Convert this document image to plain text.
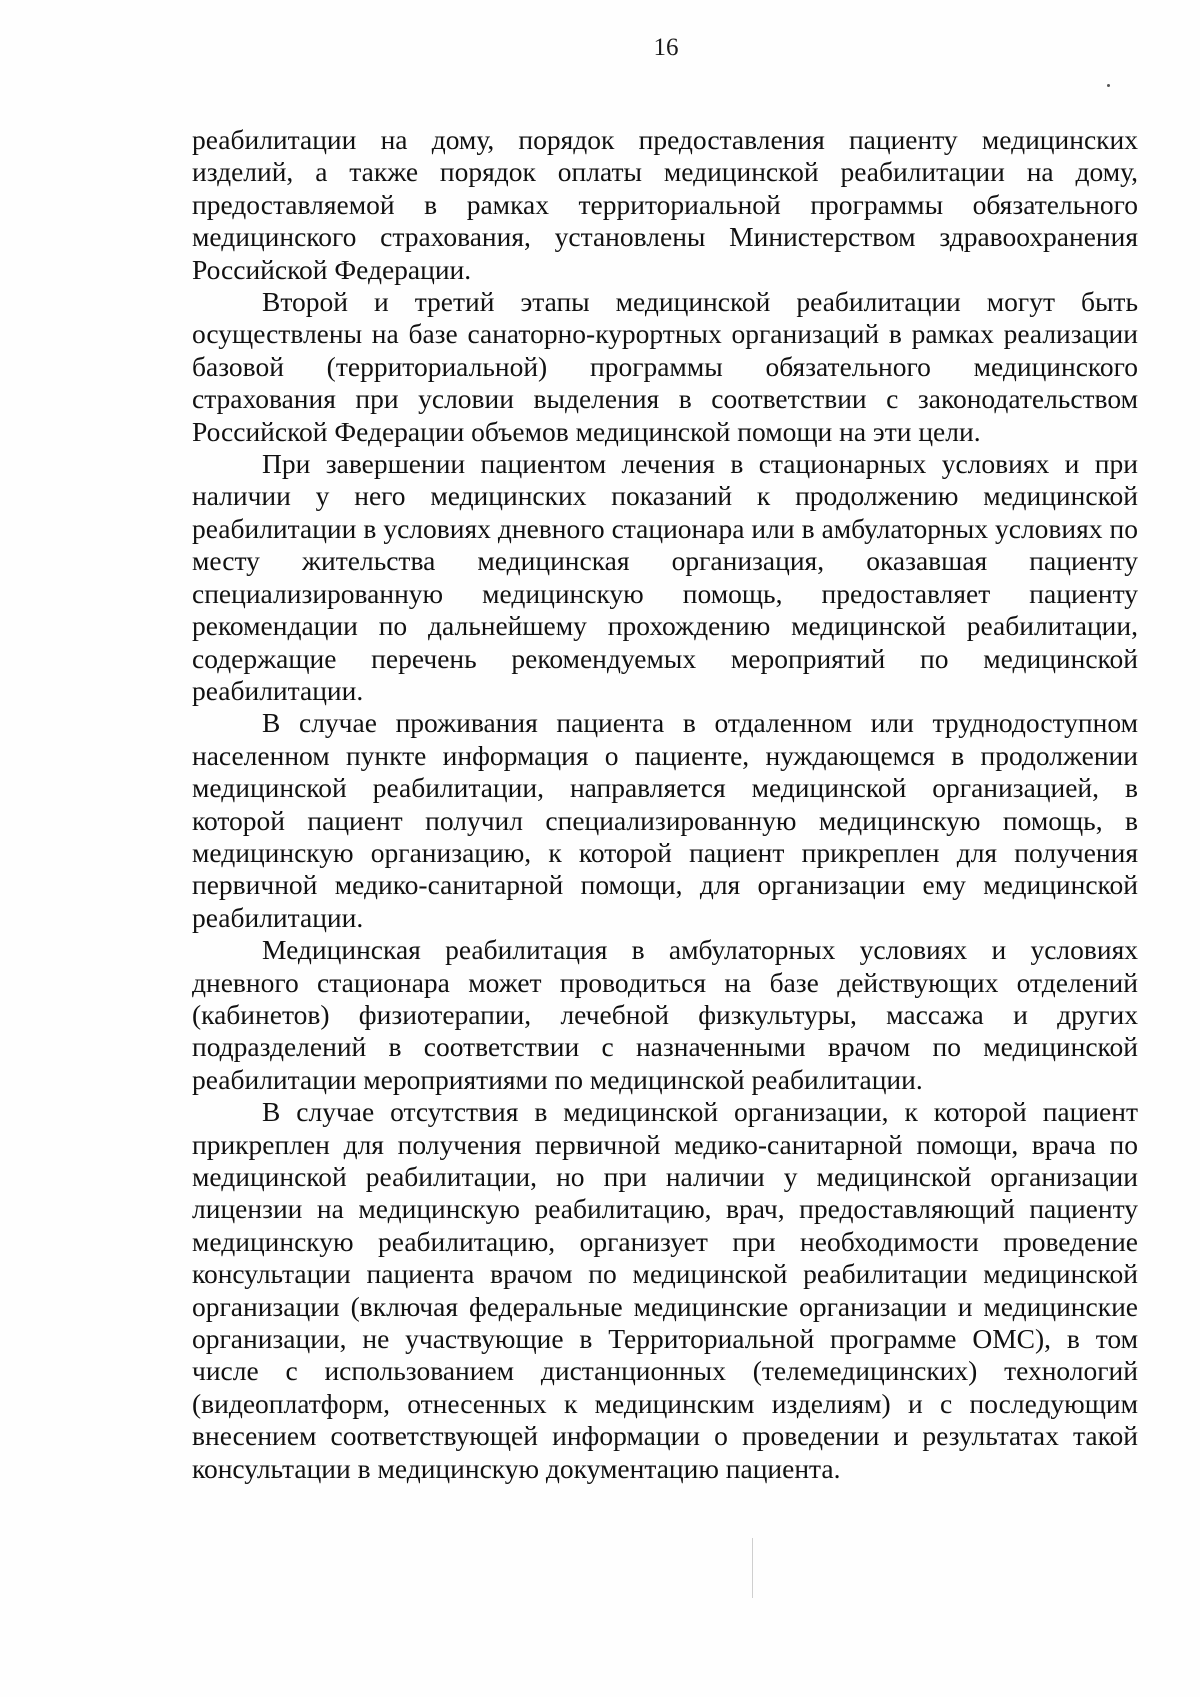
16

реабилитации на дому, порядок предоставления пациенту медицинских изделий, а также порядок оплаты медицинской реабилитации на дому, предоставляемой в рамках территориальной программы обязательного медицинского страхования, установлены Министерством здравоохранения Российской Федерации.

Второй и третий этапы медицинской реабилитации могут быть осуществлены на базе санаторно-курортных организаций в рамках реализации базовой (территориальной) программы обязательного медицинского страхования при условии выделения в соответствии с законодательством Российской Федерации объемов медицинской помощи на эти цели.

При завершении пациентом лечения в стационарных условиях и при наличии у него медицинских показаний к продолжению медицинской реабилитации в условиях дневного стационара или в амбулаторных условиях по месту жительства медицинская организация, оказавшая пациенту специализированную медицинскую помощь, предоставляет пациенту рекомендации по дальнейшему прохождению медицинской реабилитации, содержащие перечень рекомендуемых мероприятий по медицинской реабилитации.

В случае проживания пациента в отдаленном или труднодоступном населенном пункте информация о пациенте, нуждающемся в продолжении медицинской реабилитации, направляется медицинской организацией, в которой пациент получил специализированную медицинскую помощь, в медицинскую организацию, к которой пациент прикреплен для получения первичной медико-санитарной помощи, для организации ему медицинской реабилитации.

Медицинская реабилитация в амбулаторных условиях и условиях дневного стационара может проводиться на базе действующих отделений (кабинетов) физиотерапии, лечебной физкультуры, массажа и других подразделений в соответствии с назначенными врачом по медицинской реабилитации мероприятиями по медицинской реабилитации.

В случае отсутствия в медицинской организации, к которой пациент прикреплен для получения первичной медико-санитарной помощи, врача по медицинской реабилитации, но при наличии у медицинской организации лицензии на медицинскую реабилитацию, врач, предоставляющий пациенту медицинскую реабилитацию, организует при необходимости проведение консультации пациента врачом по медицинской реабилитации медицинской организации (включая федеральные медицинские организации и медицинские организации, не участвующие в Территориальной программе ОМС), в том числе с использованием дистанционных (телемедицинских) технологий (видеоплатформ, отнесенных к медицинским изделиям) и с последующим внесением соответствующей информации о проведении и результатах такой консультации в медицинскую документацию пациента.
